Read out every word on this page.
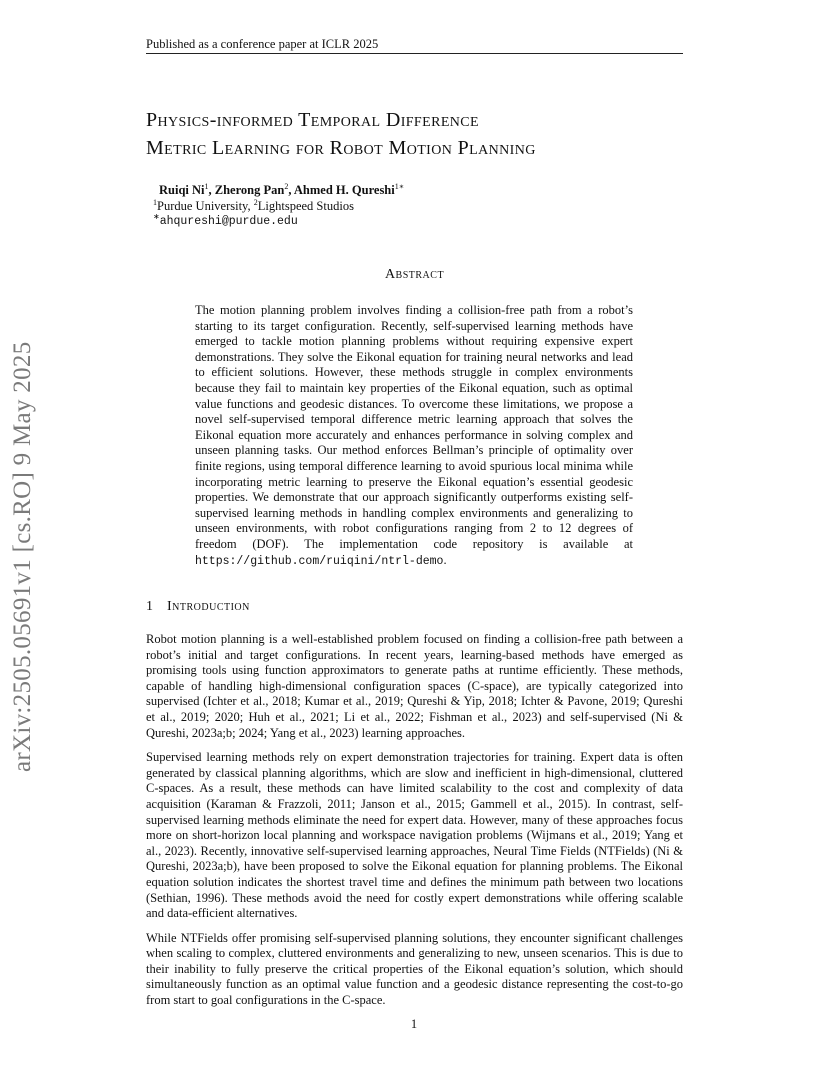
Published as a conference paper at ICLR 2025
arXiv:2505.05691v1 [cs.RO] 9 May 2025
Physics-informed Temporal Difference
Metric Learning for Robot Motion Planning
Ruiqi Ni$^1$, Zherong Pan$^2$, Ahmed H. Qureshi$^{1∗}$
$^1$Purdue University, $^2$Lightspeed Studios
∗ahqureshi@purdue.edu
Abstract
The motion planning problem involves finding a collision-free path from a robot’s starting to its target configuration. Recently, self-supervised learning methods have emerged to tackle motion planning problems without requiring expensive expert demonstrations. They solve the Eikonal equation for training neural networks and lead to efficient solutions. However, these methods struggle in complex environments because they fail to maintain key properties of the Eikonal equation, such as optimal value functions and geodesic distances. To overcome these limitations, we propose a novel self-supervised temporal difference metric learning approach that solves the Eikonal equation more accurately and enhances performance in solving complex and unseen planning tasks. Our method enforces Bellman’s principle of optimality over finite regions, using temporal difference learning to avoid spurious local minima while incorporating metric learning to preserve the Eikonal equation’s essential geodesic properties. We demonstrate that our approach significantly outperforms existing self-supervised learning methods in handling complex environments and generalizing to unseen environments, with robot configurations ranging from 2 to 12 degrees of freedom (DOF). The implementation code repository is available at https://github.com/ruiqini/ntrl-demo.
1 Introduction

Robot motion planning is a well-established problem focused on finding a collision-free path between a robot’s initial and target configurations. In recent years, learning-based methods have emerged as promising tools using function approximators to generate paths at runtime efficiently. These methods, capable of handling high-dimensional configuration spaces (C-space), are typically categorized into supervised (Ichter et al., 2018; Kumar et al., 2019; Qureshi & Yip, 2018; Ichter & Pavone, 2019; Qureshi et al., 2019; 2020; Huh et al., 2021; Li et al., 2022; Fishman et al., 2023) and self-supervised (Ni & Qureshi, 2023a;b; 2024; Yang et al., 2023) learning approaches.

Supervised learning methods rely on expert demonstration trajectories for training. Expert data is often generated by classical planning algorithms, which are slow and inefficient in high-dimensional, cluttered C-spaces. As a result, these methods can have limited scalability to the cost and complexity of data acquisition (Karaman & Frazzoli, 2011; Janson et al., 2015; Gammell et al., 2015). In contrast, self-supervised learning methods eliminate the need for expert data. However, many of these approaches focus more on short-horizon local planning and workspace navigation problems (Wijmans et al., 2019; Yang et al., 2023). Recently, innovative self-supervised learning approaches, Neural Time Fields (NTFields) (Ni & Qureshi, 2023a;b), have been proposed to solve the Eikonal equation for planning problems. The Eikonal equation solution indicates the shortest travel time and defines the minimum path between two locations (Sethian, 1996). These methods avoid the need for costly expert demonstrations while offering scalable and data-efficient alternatives.

While NTFields offer promising self-supervised planning solutions, they encounter significant challenges when scaling to complex, cluttered environments and generalizing to new, unseen scenarios. This is due to their inability to fully preserve the critical properties of the Eikonal equation’s solution, which should simultaneously function as an optimal value function and a geodesic distance representing the cost-to-go from start to goal configurations in the C-space.

1
